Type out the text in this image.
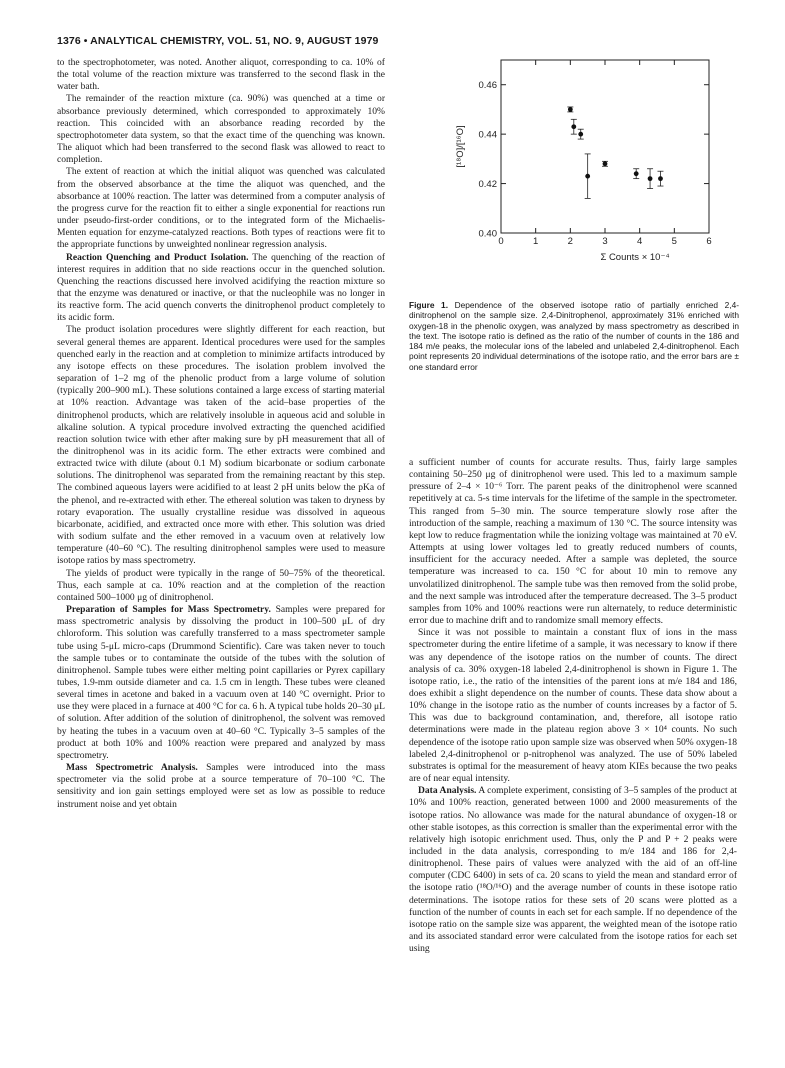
1376 • ANALYTICAL CHEMISTRY, VOL. 51, NO. 9, AUGUST 1979

to the spectrophotometer, was noted. Another aliquot, corresponding to ca. 10% of the total volume of the reaction mixture was transferred to the second flask in the water bath.

The remainder of the reaction mixture (ca. 90%) was quenched at a time or absorbance previously determined, which corresponded to approximately 10% reaction. This coincided with an absorbance reading recorded by the spectrophotometer data system, so that the exact time of the quenching was known. The aliquot which had been transferred to the second flask was allowed to react to completion.

The extent of reaction at which the initial aliquot was quenched was calculated from the observed absorbance at the time the aliquot was quenched, and the absorbance at 100% reaction. The latter was determined from a computer analysis of the progress curve for the reaction fit to either a single exponential for reactions run under pseudo-first-order conditions, or to the integrated form of the Michaelis-Menten equation for enzyme-catalyzed reactions. Both types of reactions were fit to the appropriate functions by unweighted nonlinear regression analysis.

Reaction Quenching and Product Isolation. The quenching of the reaction of interest requires in addition that no side reactions occur in the quenched solution. Quenching the reactions discussed here involved acidifying the reaction mixture so that the enzyme was denatured or inactive, or that the nucleophile was no longer in its reactive form. The acid quench converts the dinitrophenol product completely to its acidic form.

The product isolation procedures were slightly different for each reaction, but several general themes are apparent. Identical procedures were used for the samples quenched early in the reaction and at completion to minimize artifacts introduced by any isotope effects on these procedures. The isolation problem involved the separation of 1–2 mg of the phenolic product from a large volume of solution (typically 200–900 mL). These solutions contained a large excess of starting material at 10% reaction. Advantage was taken of the acid–base properties of the dinitrophenol products, which are relatively insoluble in aqueous acid and soluble in alkaline solution. A typical procedure involved extracting the quenched acidified reaction solution twice with ether after making sure by pH measurement that all of the dinitrophenol was in its acidic form. The ether extracts were combined and extracted twice with dilute (about 0.1 M) sodium bicarbonate or sodium carbonate solutions. The dinitrophenol was separated from the remaining reactant by this step. The combined aqueous layers were acidified to at least 2 pH units below the pKa of the phenol, and re-extracted with ether. The ethereal solution was taken to dryness by rotary evaporation. The usually crystalline residue was dissolved in aqueous bicarbonate, acidified, and extracted once more with ether. This solution was dried with sodium sulfate and the ether removed in a vacuum oven at relatively low temperature (40–60 °C). The resulting dinitrophenol samples were used to measure isotope ratios by mass spectrometry.

The yields of product were typically in the range of 50–75% of the theoretical. Thus, each sample at ca. 10% reaction and at the completion of the reaction contained 500–1000 μg of dinitrophenol.

Preparation of Samples for Mass Spectrometry. Samples were prepared for mass spectrometric analysis by dissolving the product in 100–500 μL of dry chloroform. This solution was carefully transferred to a mass spectrometer sample tube using 5-μL micro-caps (Drummond Scientific). Care was taken never to touch the sample tubes or to contaminate the outside of the tubes with the solution of dinitrophenol. Sample tubes were either melting point capillaries or Pyrex capillary tubes, 1.9-mm outside diameter and ca. 1.5 cm in length. These tubes were cleaned several times in acetone and baked in a vacuum oven at 140 °C overnight. Prior to use they were placed in a furnace at 400 °C for ca. 6 h. A typical tube holds 20–30 μL of solution. After addition of the solution of dinitrophenol, the solvent was removed by heating the tubes in a vacuum oven at 40–60 °C. Typically 3–5 samples of the product at both 10% and 100% reaction were prepared and analyzed by mass spectrometry.

Mass Spectrometric Analysis. Samples were introduced into the mass spectrometer via the solid probe at a source temperature of 70–100 °C. The sensitivity and ion gain settings employed were set as low as possible to reduce instrument noise and yet obtain

0	1	2	3	4	5	6
0.40
0.42
0.44
0.46
Σ Counts × 10⁻⁴
[¹⁸O]/[¹⁶O]
Figure 1. Dependence of the observed isotope ratio of partially enriched 2,4-dinitrophenol on the sample size. 2,4-Dinitrophenol, approximately 31% enriched with oxygen-18 in the phenolic oxygen, was analyzed by mass spectrometry as described in the text. The isotope ratio is defined as the ratio of the number of counts in the 186 and 184 m/e peaks, the molecular ions of the labeled and unlabeled 2,4-dinitrophenol. Each point represents 20 individual determinations of the isotope ratio, and the error bars are ± one standard error

a sufficient number of counts for accurate results. Thus, fairly large samples containing 50–250 μg of dinitrophenol were used. This led to a maximum sample pressure of 2–4 × 10⁻⁶ Torr. The parent peaks of the dinitrophenol were scanned repetitively at ca. 5-s time intervals for the lifetime of the sample in the spectrometer. This ranged from 5–30 min. The source temperature slowly rose after the introduction of the sample, reaching a maximum of 130 °C. The source intensity was kept low to reduce fragmentation while the ionizing voltage was maintained at 70 eV. Attempts at using lower voltages led to greatly reduced numbers of counts, insufficient for the accuracy needed. After a sample was depleted, the source temperature was increased to ca. 150 °C for about 10 min to remove any unvolatilized dinitrophenol. The sample tube was then removed from the solid probe, and the next sample was introduced after the temperature decreased. The 3–5 product samples from 10% and 100% reactions were run alternately, to reduce deterministic error due to machine drift and to randomize small memory effects.

Since it was not possible to maintain a constant flux of ions in the mass spectrometer during the entire lifetime of a sample, it was necessary to know if there was any dependence of the isotope ratios on the number of counts. The direct analysis of ca. 30% oxygen-18 labeled 2,4-dinitrophenol is shown in Figure 1. The isotope ratio, i.e., the ratio of the intensities of the parent ions at m/e 184 and 186, does exhibit a slight dependence on the number of counts. These data show about a 10% change in the isotope ratio as the number of counts increases by a factor of 5. This was due to background contamination, and, therefore, all isotope ratio determinations were made in the plateau region above 3 × 10⁴ counts. No such dependence of the isotope ratio upon sample size was observed when 50% oxygen-18 labeled 2,4-dinitrophenol or p-nitrophenol was analyzed. The use of 50% labeled substrates is optimal for the measurement of heavy atom KIEs because the two peaks are of near equal intensity.

Data Analysis. A complete experiment, consisting of 3–5 samples of the product at 10% and 100% reaction, generated between 1000 and 2000 measurements of the isotope ratios. No allowance was made for the natural abundance of oxygen-18 or other stable isotopes, as this correction is smaller than the experimental error with the relatively high isotopic enrichment used. Thus, only the P and P + 2 peaks were included in the data analysis, corresponding to m/e 184 and 186 for 2,4-dinitrophenol. These pairs of values were analyzed with the aid of an off-line computer (CDC 6400) in sets of ca. 20 scans to yield the mean and standard error of the isotope ratio (¹⁸O/¹⁶O) and the average number of counts in these isotope ratio determinations. The isotope ratios for these sets of 20 scans were plotted as a function of the number of counts in each set for each sample. If no dependence of the isotope ratio on the sample size was apparent, the weighted mean of the isotope ratio and its associated standard error were calculated from the isotope ratios for each set using
